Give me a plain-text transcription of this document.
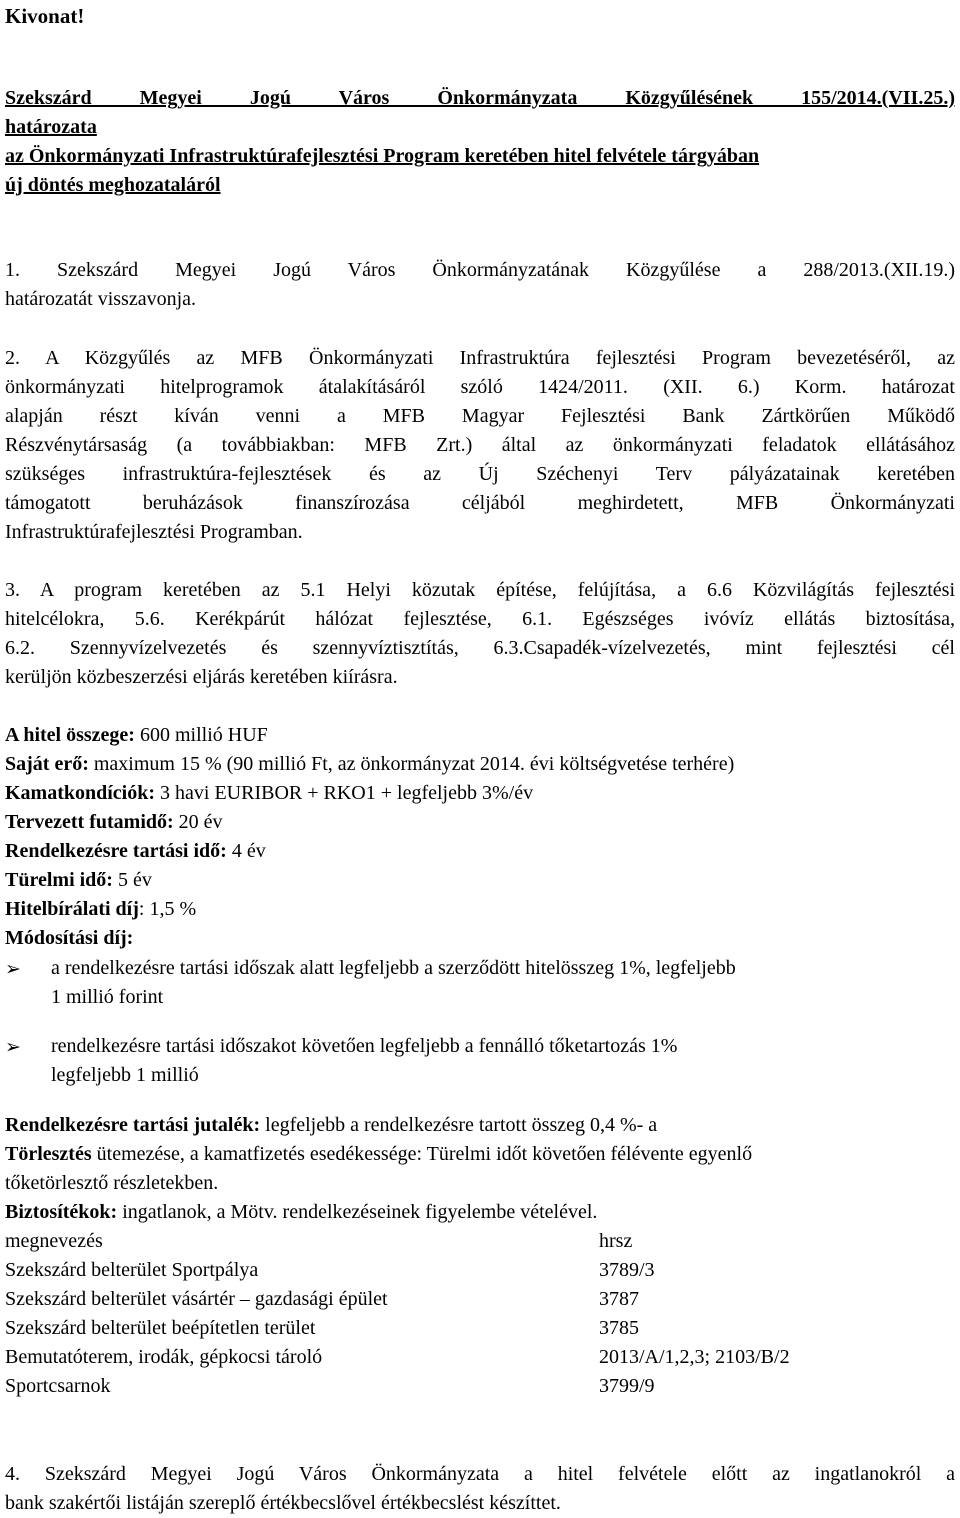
Kivonat!
Szekszárd Megyei Jogú Város Önkormányzata Közgyűlésének 155/2014.(VII.25.)
határozata
az Önkormányzati Infrastruktúrafejlesztési Program keretében hitel felvétele tárgyában
új döntés meghozataláról
1. Szekszárd Megyei Jogú Város Önkormányzatának Közgyűlése a 288/2013.(XII.19.)
határozatát visszavonja.
2. A Közgyűlés az MFB Önkormányzati Infrastruktúra fejlesztési Program bevezetéséről, az
önkormányzati hitelprogramok átalakításáról szóló 1424/2011. (XII. 6.) Korm. határozat
alapján részt kíván venni a MFB Magyar Fejlesztési Bank Zártkörűen Működő
Részvénytársaság (a továbbiakban: MFB Zrt.) által az önkormányzati feladatok ellátásához
szükséges infrastruktúra-fejlesztések és az Új Széchenyi Terv pályázatainak keretében
támogatott beruházások finanszírozása céljából meghirdetett, MFB Önkormányzati
Infrastruktúrafejlesztési Programban.
3. A program keretében az 5.1 Helyi közutak építése, felújítása, a 6.6 Közvilágítás fejlesztési
hitelcélokra, 5.6. Kerékpárút hálózat fejlesztése, 6.1. Egészséges ivóvíz ellátás biztosítása,
6.2. Szennyvízelvezetés és szennyvíztisztítás, 6.3.Csapadék-vízelvezetés, mint fejlesztési cél
kerüljön közbeszerzési eljárás keretében kiírásra.
A hitel összege: 600 millió HUF
Saját erő: maximum 15 % (90 millió Ft, az önkormányzat 2014. évi költségvetése terhére)
Kamatkondíciók: 3 havi EURIBOR + RKO1 + legfeljebb 3%/év
Tervezett futamidő: 20 év
Rendelkezésre tartási idő: 4 év
Türelmi idő: 5 év
Hitelbírálati díj: 1,5 %
Módosítási díj:
➢ a rendelkezésre tartási időszak alatt legfeljebb a szerződött hitelösszeg 1%, legfeljebb
1 millió forint
➢ rendelkezésre tartási időszakot követően legfeljebb a fennálló tőketartozás 1%
legfeljebb 1 millió
Rendelkezésre tartási jutalék: legfeljebb a rendelkezésre tartott összeg 0,4 %- a
Törlesztés ütemezése, a kamatfizetés esedékessége: Türelmi időt követően félévente egyenlő
tőketörlesztő részletekben.
Biztosítékok: ingatlanok, a Mötv. rendelkezéseinek figyelembe vételével.
megnevezés	hrsz
Szekszárd belterület Sportpálya	3789/3
Szekszárd belterület vásártér – gazdasági épület	3787
Szekszárd belterület beépítetlen terület	3785
Bemutatóterem, irodák, gépkocsi tároló	2013/A/1,2,3; 2103/B/2
Sportcsarnok	3799/9
4. Szekszárd Megyei Jogú Város Önkormányzata a hitel felvétele előtt az ingatlanokról a
bank szakértői listáján szereplő értékbecslővel értékbecslést készíttet.
